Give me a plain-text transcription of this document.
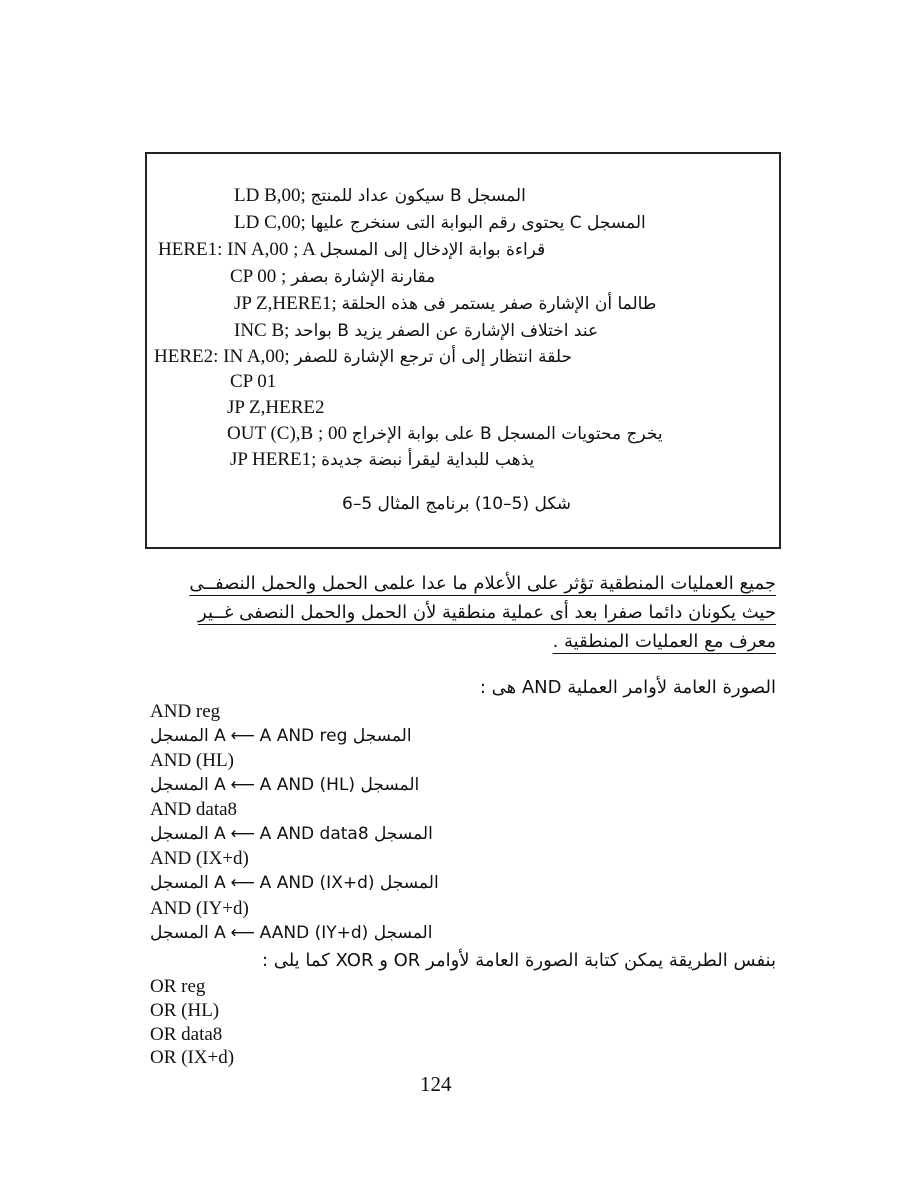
LD B,00; المسجل B سيكون عداد للمنتج
LD C,00; المسجل C يحتوى رقم البوابة التى سنخرج عليها
HERE1: IN A,00 ; A قراءة بوابة الإدخال إلى المسجل
CP 00 ; مقارنة الإشارة بصفر
JP Z,HERE1; طالما أن الإشارة صفر يستمر فى هذه الحلقة
INC B; عند اختلاف الإشارة عن الصفر يزيد B بواحد
HERE2: IN A,00; حلقة انتظار إلى أن ترجع الإشارة للصفر
CP 01
JP Z,HERE2
OUT (C),B ; 00 يخرج محتويات المسجل B على بوابة الإخراج
JP HERE1; يذهب للبداية ليقرأ نبضة جديدة
شكل (5–10) برنامج المثال 5–6
جميع العمليات المنطقية تؤثر على الأعلام ما عدا علمى الحمل والحمل النصفــى
حيث يكونان دائما صفرا بعد أى عملية منطقية لأن الحمل والحمل النصفى غــير
معرف مع العمليات المنطقية .
الصورة العامة لأوامر العملية AND هى :
AND reg
A المسجل ⟵ المسجل A AND reg
AND (HL)
A المسجل ⟵ المسجل A AND (HL)
AND data8
A المسجل ⟵ المسجل A AND data8
AND (IX+d)
A المسجل ⟵ المسجل A AND (IX+d)
AND (IY+d)
A المسجل ⟵ المسجل AAND (IY+d)
بنفس الطريقة يمكن كتابة الصورة العامة لأوامر OR و XOR كما يلى :
OR reg
OR (HL)
OR data8
OR (IX+d)
124
